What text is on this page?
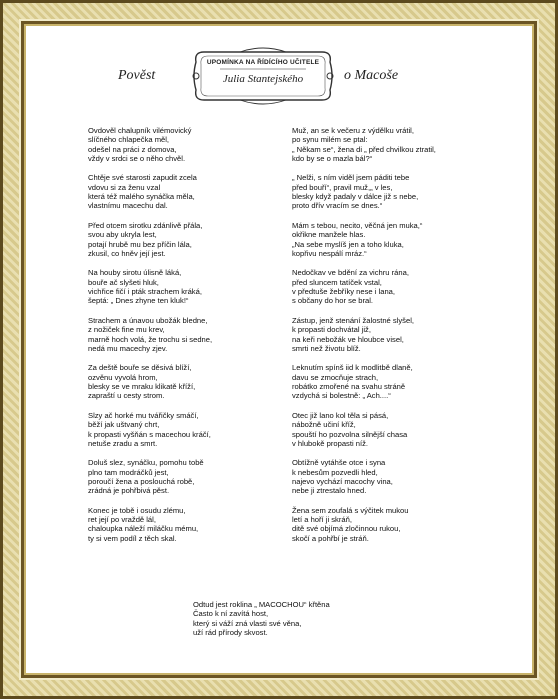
Pověst	o Macoše
UPOMÍNKA NA ŘÍDÍCÍHO UČITELE
Julia Stantejského
Ovdověl chalupník vilémovický
slíčného chlapečka měl,
odešel na práci z domova,
vždy v srdci se o něho chvěl.
Chtěje své starosti zapudit zcela
vdovu si za ženu vzal
která též malého synáčka měla,
vlastnímu macechu dal.
Před otcem sirotku zdánlivě přála,
svou aby ukryla lest,
potají hrubě mu bez příčin lála,
zkusil, co hněv její jest.
Na houby sirotu úlisně láká,
bouře ač slyšeti hluk,
vichřice fičí i pták strachem kráká,
šeptá: „ Dnes zhyne ten kluk!“
Strachem a únavou ubožák bledne,
z nožiček fine mu krev,
marně hoch volá, že trochu si sedne,
nedá mu macechy zjev.
Za deště bouře se děsivá blíží,
ozvěnu vyvolá hrom,
blesky se ve mraku klikatě kříží,
zapraští u cesty strom.
Slzy ač horké mu tvářičky smáčí,
běží jak uštvaný chrt,
k propasti vyšňán s macechou kráčí,
netuše zradu a smrt.
Doluš slez, synáčku, pomohu tobě
plno tam modráčků jest,
poroučí žena a poslouchá robě,
zrádná je pohřbivá pěst.
Konec je tobě i osudu zlému,
ret její po vraždě lál,
chaloupka náleží miláčku mému,
ty si vem podíl z těch skal.
Muž, an se k večeru z výdělku vrátil,
po synu milém se ptal:
„ Někam se“, žena di „ před chvilkou ztratil,
kdo by se o mazla bál?“
„ Nelži, s ním viděl jsem páditi tebe
před bouří“, pravil muž,„ v les,
blesky když padaly v dálce již s nebe,
proto dřív vracím se dnes.“
Mám s tebou, necito, věčná jen muka,“
okřikne manžele hlas.
„Na sebe myslíš jen a toho kluka,
kopřivu nespálí mráz.“
Nedočkav ve bdění za vichru rána,
před sluncem tatíček vstal,
v předtuše žebříky nese i lana,
s občany do hor se bral.
Zástup, jenž stenání žalostné slyšel,
k propasti dochvátal již,
na keři nebožák ve hloubce visel,
smrti než životu blíž.
Leknutím spínš iid k modlitbě dlaně,
davu se zmocňuje strach,
robátko zmořené na svahu stráně
vzdychá si bolestně: „ Ach....“
Otec již lano kol těla si pásá,
nábožně učiní kříž,
spouští ho pozvolna silnější chasa
v hlubokě propasti níž.
Obtížně vytáhše otce i syna
k nebesům pozvedli hled,
najevo vychází macochy vina,
nebe ji ztrestalo hned.
Žena sem zoufalá s výčitek mukou
letí a hoří ji skráň,
ditě své objímá zločinnou rukou,
skočí a pohřbí je stráň.
Odtud jest roklina „ MACOCHOU“ křtěna
Často k ní zavítá host,
který si váží zná vlasti své věna,
uží rád přírody skvost.
